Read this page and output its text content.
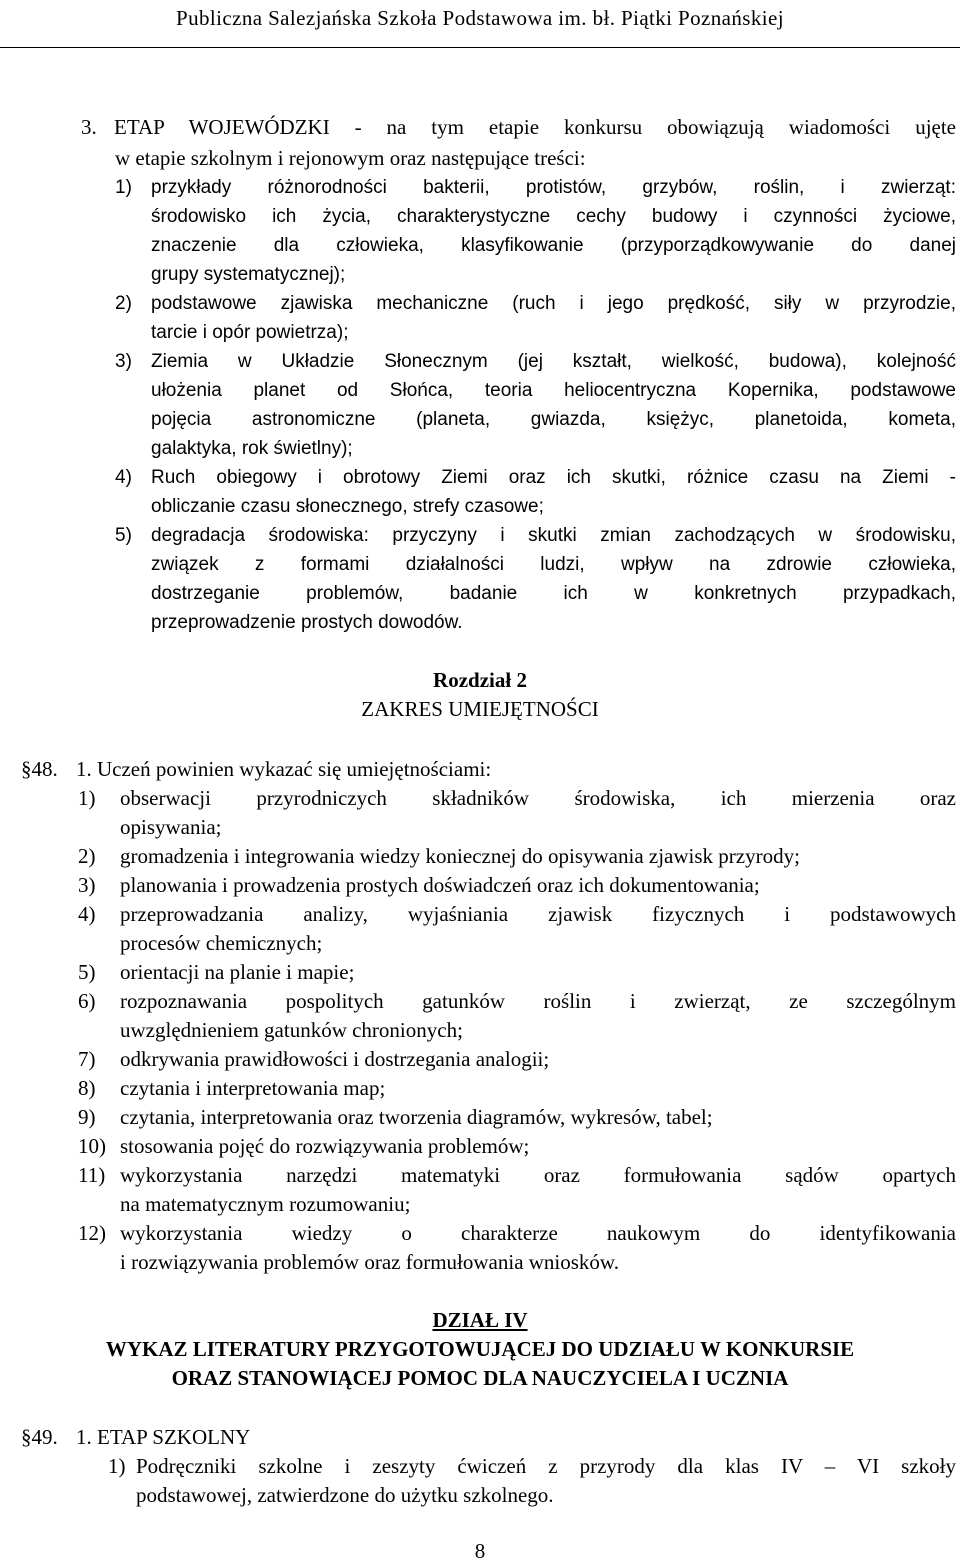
Publiczna Salezjańska Szkoła Podstawowa im. bł. Piątki Poznańskiej
3. ETAP WOJEWÓDZKI - na tym etapie konkursu obowiązują wiadomości ujęte
w etapie szkolnym i rejonowym oraz następujące treści:
1) przykłady różnorodności bakterii, protistów, grzybów, roślin, i zwierząt:
środowisko ich życia, charakterystyczne cechy budowy i czynności życiowe,
znaczenie dla człowieka, klasyfikowanie (przyporządkowywanie do danej
grupy systematycznej);
2) podstawowe zjawiska mechaniczne (ruch i jego prędkość, siły w przyrodzie,
tarcie i opór powietrza);
3) Ziemia w Układzie Słonecznym (jej kształt, wielkość, budowa), kolejność
ułożenia planet od Słońca, teoria heliocentryczna Kopernika, podstawowe
pojęcia astronomiczne (planeta, gwiazda, księżyc, planetoida, kometa,
galaktyka, rok świetlny);
4) Ruch obiegowy i obrotowy Ziemi oraz ich skutki, różnice czasu na Ziemi -
obliczanie czasu słonecznego, strefy czasowe;
5) degradacja środowiska: przyczyny i skutki zmian zachodzących w środowisku,
związek z formami działalności ludzi, wpływ na zdrowie człowieka,
dostrzeganie problemów, badanie ich w konkretnych przypadkach,
przeprowadzenie prostych dowodów.
Rozdział 2
ZAKRES UMIEJĘTNOŚCI
§48. 1. Uczeń powinien wykazać się umiejętnościami:
1) obserwacji przyrodniczych składników środowiska, ich mierzenia oraz
opisywania;
2) gromadzenia i integrowania wiedzy koniecznej do opisywania zjawisk przyrody;
3) planowania i prowadzenia prostych doświadczeń oraz ich dokumentowania;
4) przeprowadzania analizy, wyjaśniania zjawisk fizycznych i podstawowych
procesów chemicznych;
5) orientacji na planie i mapie;
6) rozpoznawania pospolitych gatunków roślin i zwierząt, ze szczególnym
uwzględnieniem gatunków chronionych;
7) odkrywania prawidłowości i dostrzegania analogii;
8) czytania i interpretowania map;
9) czytania, interpretowania oraz tworzenia diagramów, wykresów, tabel;
10) stosowania pojęć do rozwiązywania problemów;
11) wykorzystania narzędzi matematyki oraz formułowania sądów opartych
na matematycznym rozumowaniu;
12) wykorzystania wiedzy o charakterze naukowym do identyfikowania
i rozwiązywania problemów oraz formułowania wniosków.
DZIAŁ IV
WYKAZ LITERATURY PRZYGOTOWUJĄCEJ DO UDZIAŁU W KONKURSIE
ORAZ STANOWIĄCEJ POMOC DLA NAUCZYCIELA I UCZNIA
§49. 1. ETAP SZKOLNY
1) Podręczniki szkolne i zeszyty ćwiczeń z przyrody dla klas IV – VI szkoły
podstawowej, zatwierdzone do użytku szkolnego.
8
